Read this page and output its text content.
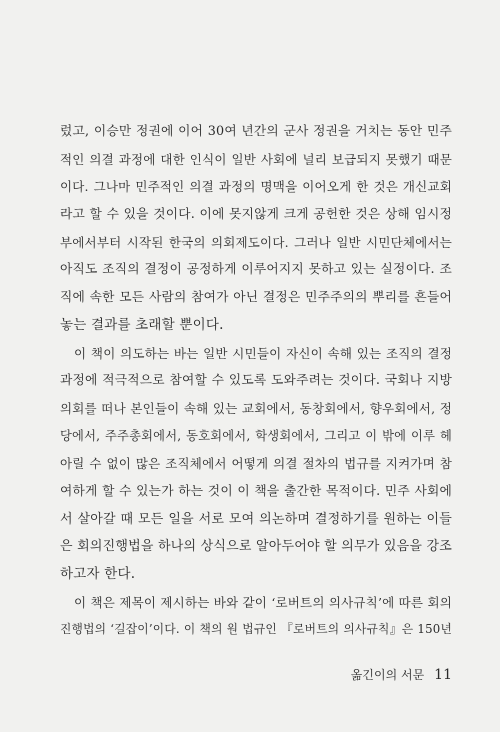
렀고, 이승만 정권에 이어 30여 년간의 군사 정권을 거치는 동안 민주
적인 의결 과정에 대한 인식이 일반 사회에 널리 보급되지 못했기 때문
이다. 그나마 민주적인 의결 과정의 명맥을 이어오게 한 것은 개신교회
라고 할 수 있을 것이다. 이에 못지않게 크게 공헌한 것은 상해 임시정
부에서부터 시작된 한국의 의회제도이다. 그러나 일반 시민단체에서는
아직도 조직의 결정이 공정하게 이루어지지 못하고 있는 실정이다. 조
직에 속한 모든 사람의 참여가 아닌 결정은 민주주의의 뿌리를 흔들어
놓는 결과를 초래할 뿐이다.
이 책이 의도하는 바는 일반 시민들이 자신이 속해 있는 조직의 결정
과정에 적극적으로 참여할 수 있도록 도와주려는 것이다. 국회나 지방
의회를 떠나 본인들이 속해 있는 교회에서, 동창회에서, 향우회에서, 정
당에서, 주주총회에서, 동호회에서, 학생회에서, 그리고 이 밖에 이루 헤
아릴 수 없이 많은 조직체에서 어떻게 의결 절차의 법규를 지켜가며 참
여하게 할 수 있는가 하는 것이 이 책을 출간한 목적이다. 민주 사회에
서 살아갈 때 모든 일을 서로 모여 의논하며 결정하기를 원하는 이들
은 회의진행법을 하나의 상식으로 알아두어야 할 의무가 있음을 강조
하고자 한다.
이 책은 제목이 제시하는 바와 같이 ‘로버트의 의사규칙’에 따른 회의
진행법의 ‘길잡이’이다. 이 책의 원 법규인 『로버트의 의사규칙』은 150년
옮긴이의 서문 11
